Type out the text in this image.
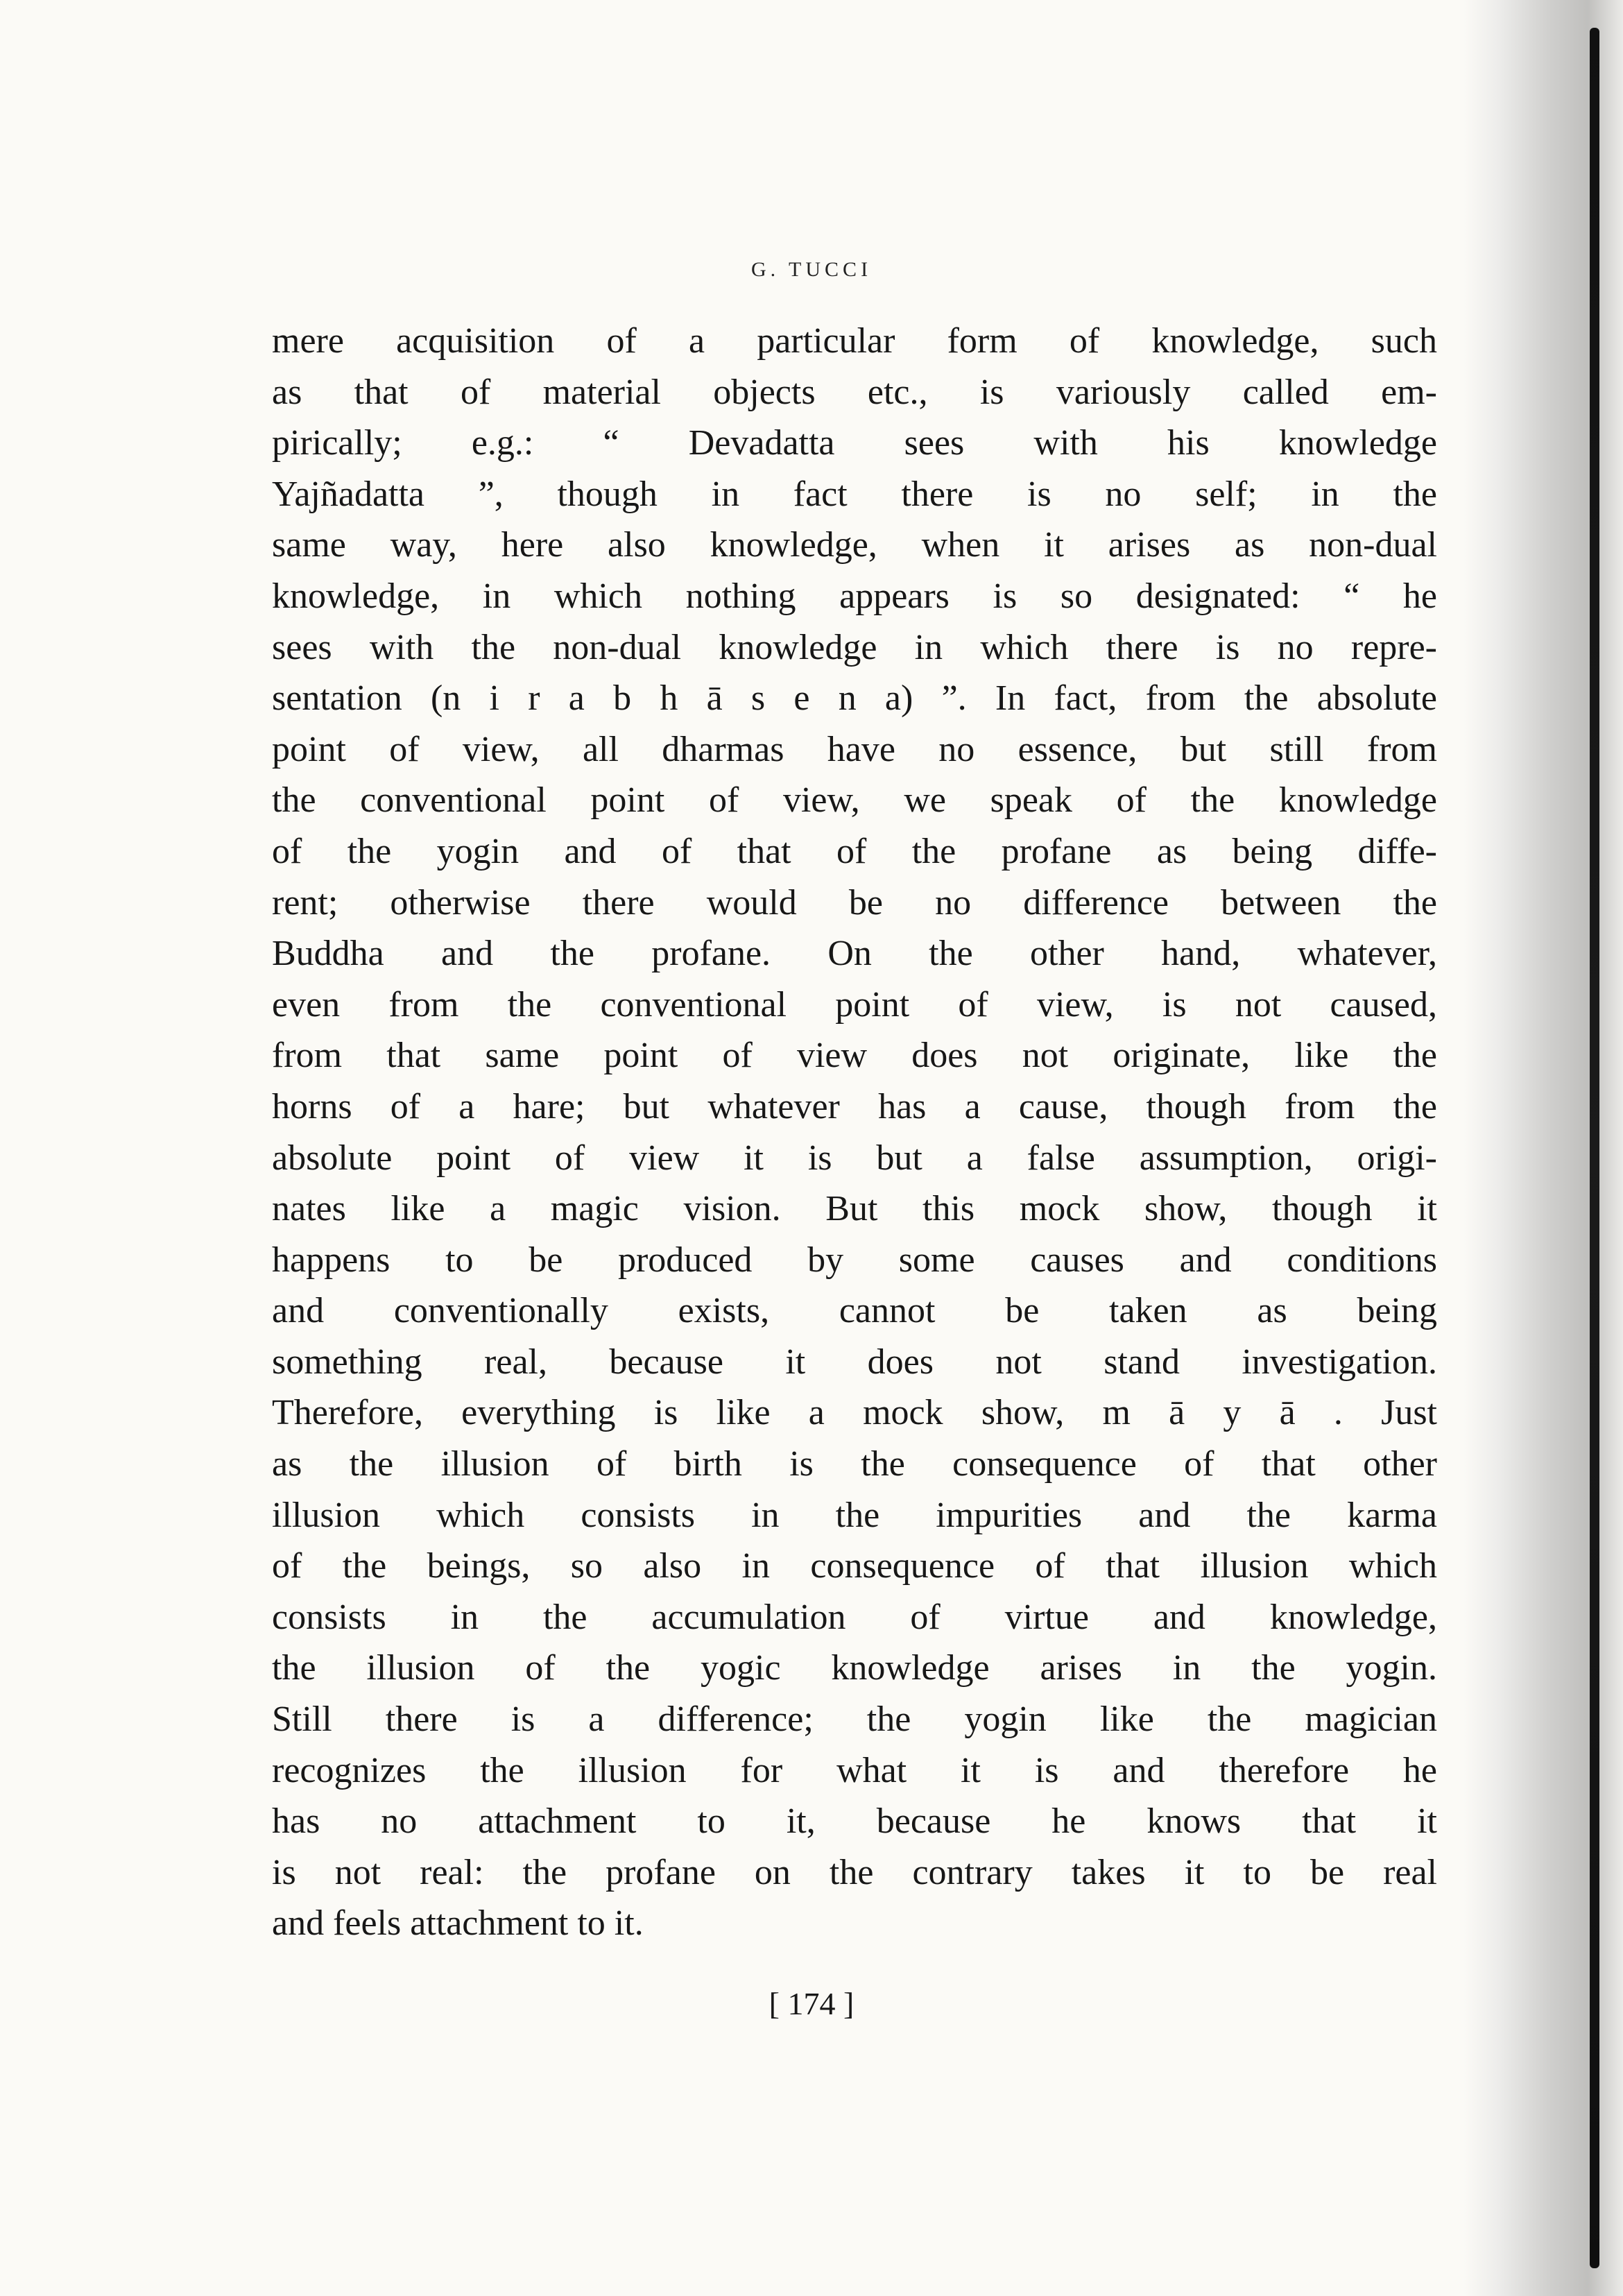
G. TUCCI
mere acquisition of a particular form of knowledge, such
as that of material objects etc., is variously called em-
pirically; e.g.: “ Devadatta sees with his knowledge
Yajñadatta ”, though in fact there is no self; in the
same way, here also knowledge, when it arises as non-dual
knowledge, in which nothing appears is so designated: “ he
sees with the non-dual knowledge in which there is no repre-
sentation (n i r a b h ā s e n a) ”. In fact, from the absolute
point of view, all dharmas have no essence, but still from
the conventional point of view, we speak of the knowledge
of the yogin and of that of the profane as being diffe-
rent; otherwise there would be no difference between the
Buddha and the profane. On the other hand, whatever,
even from the conventional point of view, is not caused,
from that same point of view does not originate, like the
horns of a hare; but whatever has a cause, though from the
absolute point of view it is but a false assumption, origi-
nates like a magic vision. But this mock show, though it
happens to be produced by some causes and conditions
and conventionally exists, cannot be taken as being
something real, because it does not stand investigation.
Therefore, everything is like a mock show, m ā y ā . Just
as the illusion of birth is the consequence of that other
illusion which consists in the impurities and the karma
of the beings, so also in consequence of that illusion which
consists in the accumulation of virtue and knowledge,
the illusion of the yogic knowledge arises in the yogin.
Still there is a difference; the yogin like the magician
recognizes the illusion for what it is and therefore he
has no attachment to it, because he knows that it
is not real: the profane on the contrary takes it to be real
and feels attachment to it.
[ 174 ]
